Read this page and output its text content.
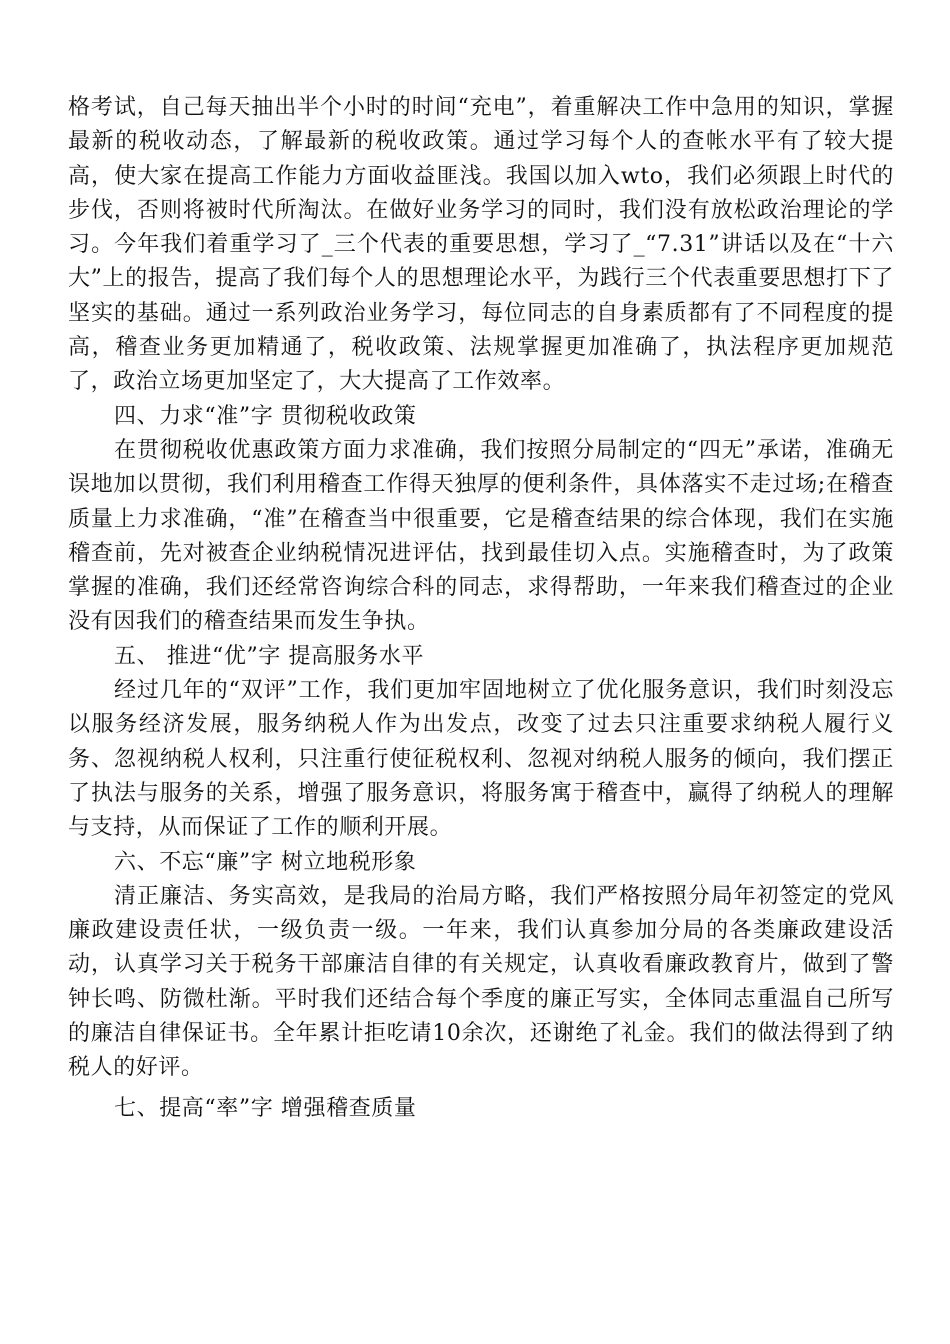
格考试，自己每天抽出半个小时的时间“充电”，着重解决工作中急用的知识，掌握最新的税收动态，了解最新的税收政策。通过学习每个人的查帐水平有了较大提高，使大家在提高工作能力方面收益匪浅。我国以加入wto，我们必须跟上时代的步伐，否则将被时代所淘汰。在做好业务学习的同时，我们没有放松政治理论的学习。今年我们着重学习了_三个代表的重要思想，学习了_“7.31”讲话以及在“十六大”上的报告，提高了我们每个人的思想理论水平，为践行三个代表重要思想打下了坚实的基础。通过一系列政治业务学习，每位同志的自身素质都有了不同程度的提高，稽查业务更加精通了，税收政策、法规掌握更加准确了，执法程序更加规范了，政治立场更加坚定了，大大提高了工作效率。

四、力求“准”字 贯彻税收政策

在贯彻税收优惠政策方面力求准确，我们按照分局制定的“四无”承诺，准确无误地加以贯彻，我们利用稽查工作得天独厚的便利条件，具体落实不走过场;在稽查质量上力求准确，“准”在稽查当中很重要，它是稽查结果的综合体现，我们在实施稽查前，先对被查企业纳税情况进评估，找到最佳切入点。实施稽查时，为了政策掌握的准确，我们还经常咨询综合科的同志，求得帮助，一年来我们稽查过的企业没有因我们的稽查结果而发生争执。

五、 推进“优”字 提高服务水平

经过几年的“双评”工作，我们更加牢固地树立了优化服务意识，我们时刻没忘以服务经济发展，服务纳税人作为出发点，改变了过去只注重要求纳税人履行义务、忽视纳税人权利，只注重行使征税权利、忽视对纳税人服务的倾向，我们摆正了执法与服务的关系，增强了服务意识，将服务寓于稽查中，赢得了纳税人的理解与支持，从而保证了工作的顺利开展。

六、不忘“廉”字 树立地税形象

清正廉洁、务实高效，是我局的治局方略，我们严格按照分局年初签定的党风廉政建设责任状，一级负责一级。一年来，我们认真参加分局的各类廉政建设活动，认真学习关于税务干部廉洁自律的有关规定，认真收看廉政教育片，做到了警钟长鸣、防微杜渐。平时我们还结合每个季度的廉正写实，全体同志重温自己所写的廉洁自律保证书。全年累计拒吃请10余次，还谢绝了礼金。我们的做法得到了纳税人的好评。

七、提高“率”字 增强稽查质量
